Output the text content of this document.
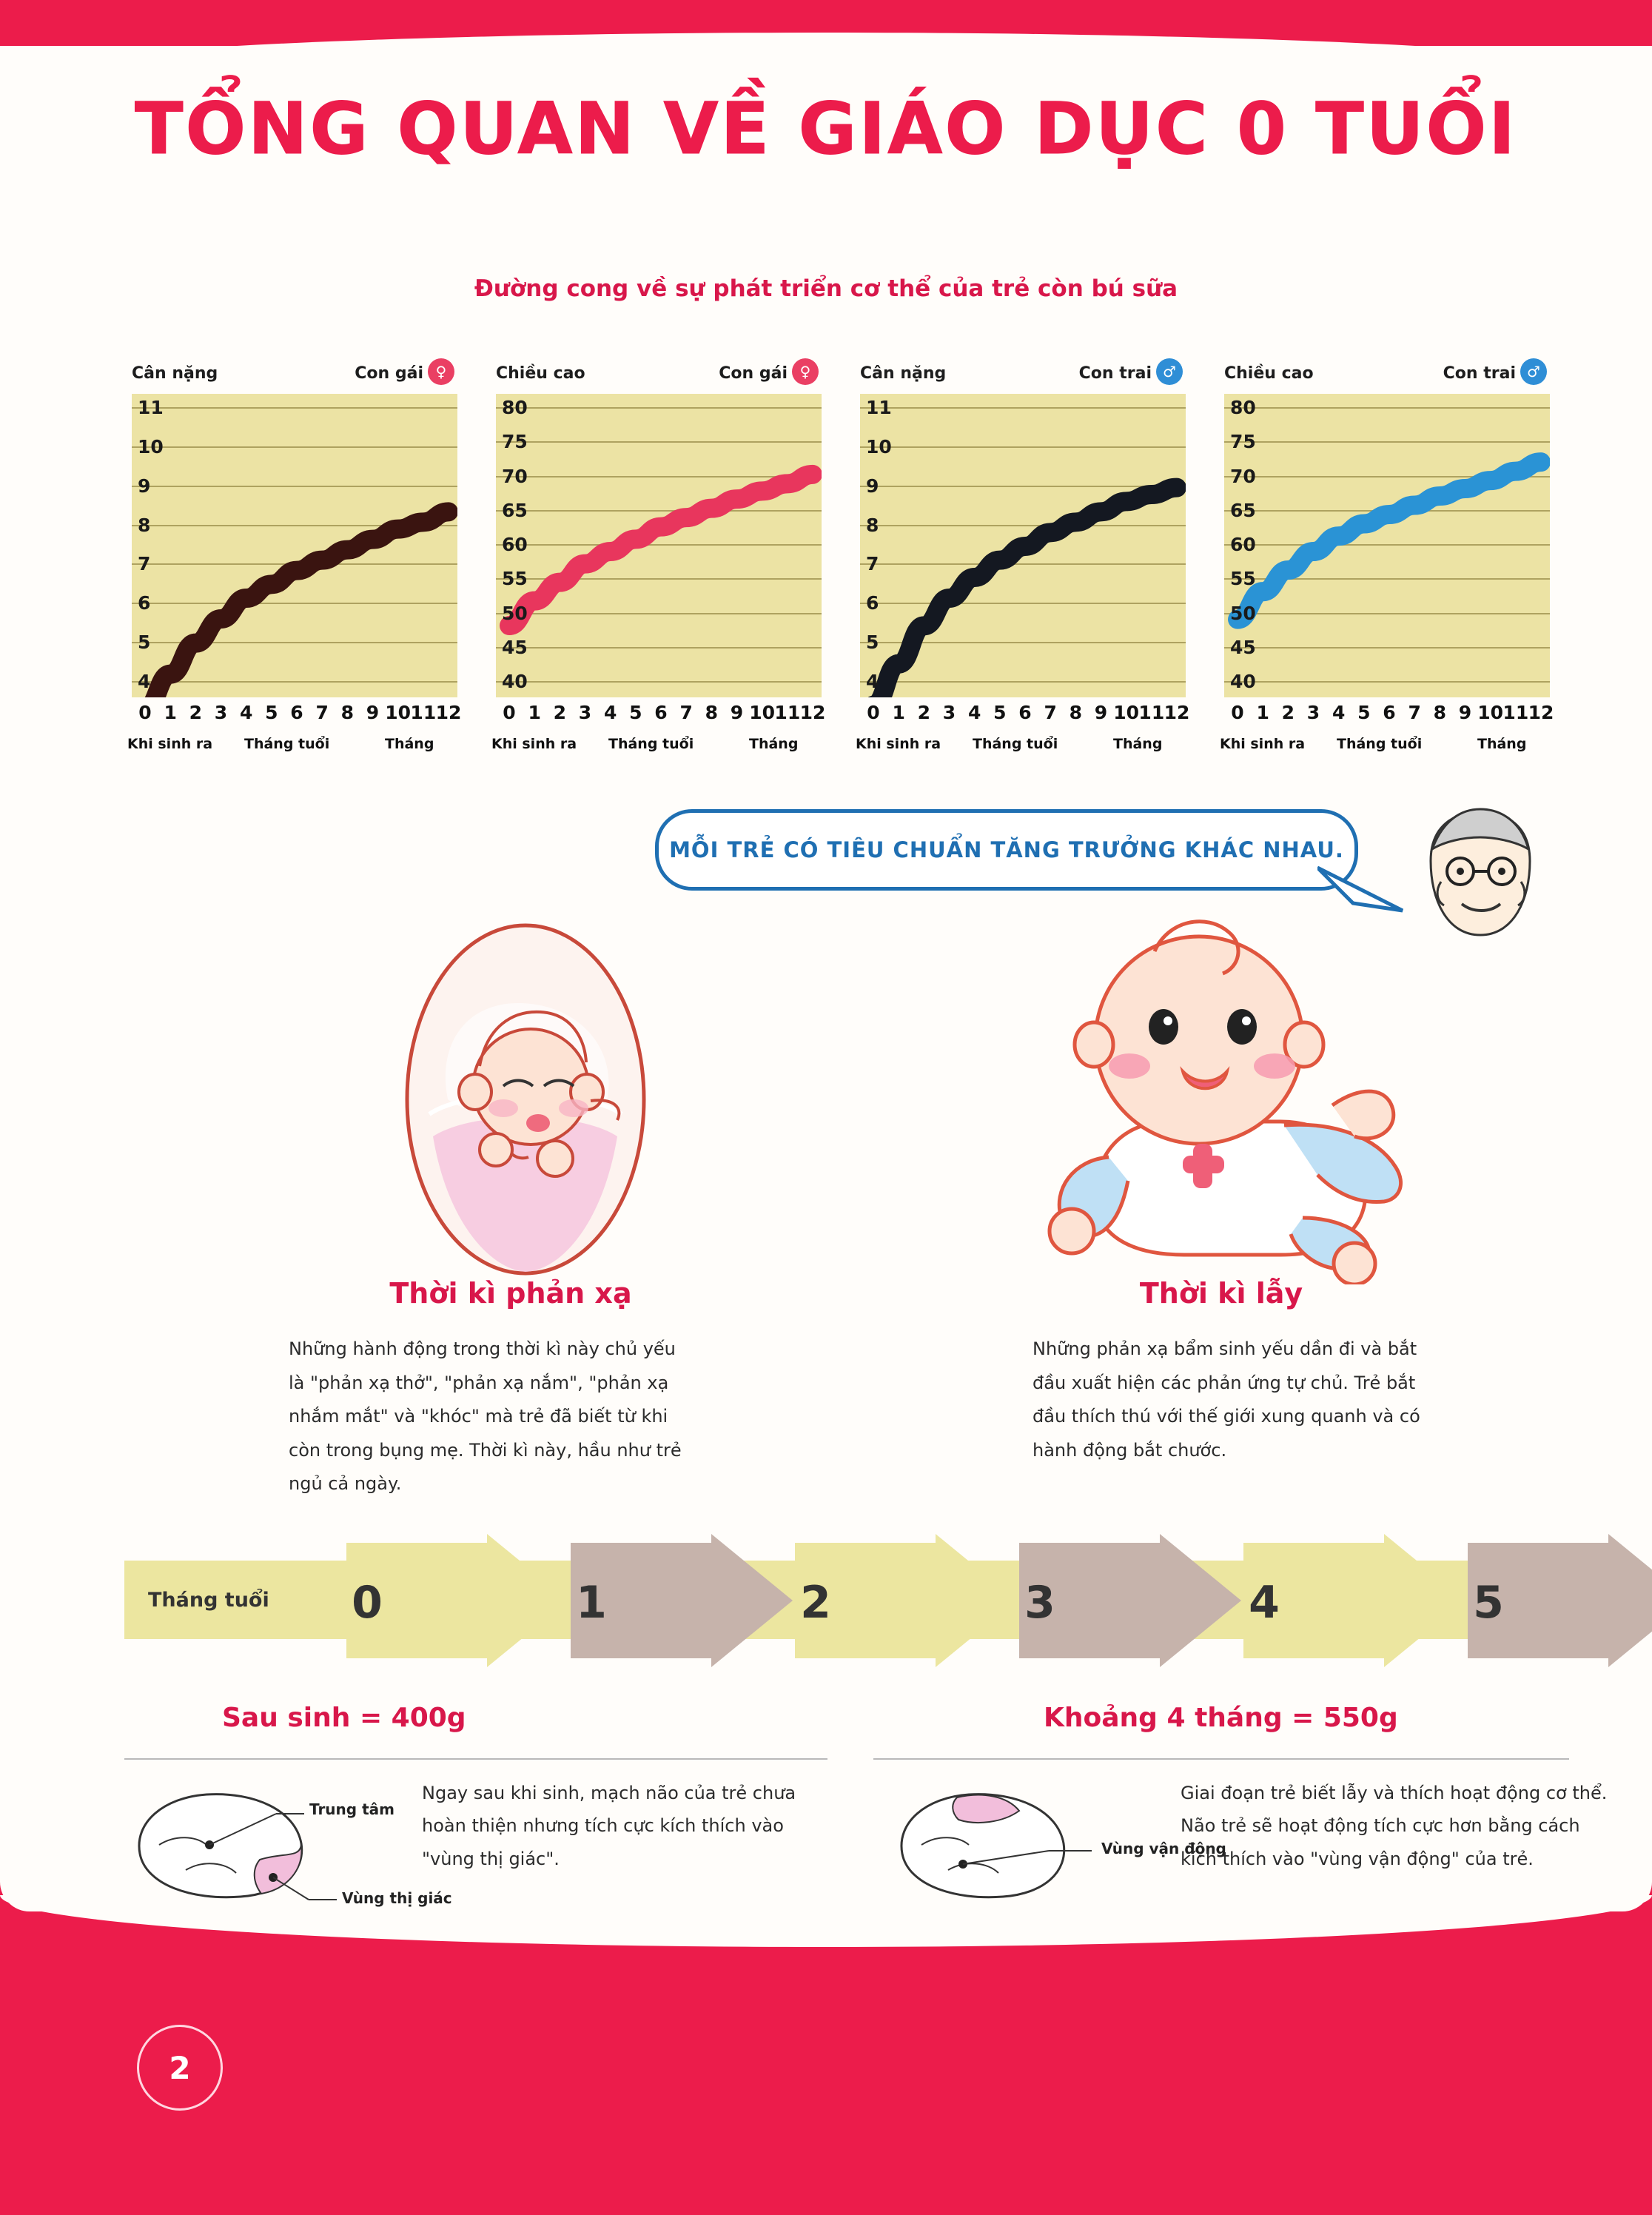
TỔNG QUAN VỀ GIÁO DỤC 0 TUỔI
Đường cong về sự phát triển cơ thể của trẻ còn bú sữa
Cân nặng	Con gái ♀
11
10
9
8
7
6
5
4
0 1 2 3 4 5 6 7 8 9 10 11 12
Khi sinh ra Tháng tuổi	Tháng
Chiều cao	Con gái ♀
80
75
70
65
60
55
50
45
40
0 1 2 3 4 5 6 7 8 9 10 11 12
Khi sinh ra Tháng tuổi	Tháng
Cân nặng	Con trai ♂
11
10
9
8
7
6
5
4
0 1 2 3 4 5 6 7 8 9 10 11 12
Khi sinh ra Tháng tuổi	Tháng
Chiều cao	Con trai ♂
80
75
70
65
60
55
50
45
40
0 1 2 3 4 5 6 7 8 9 10 11 12
Khi sinh ra Tháng tuổi	Tháng
MỖI TRẺ CÓ TIÊU CHUẨN TĂNG TRƯỞNG KHÁC NHAU.
Thời kì phản xạ
Những hành động trong thời kì này chủ yếu là "phản xạ thở", "phản xạ nắm", "phản xạ nhắm mắt" và "khóc" mà trẻ đã biết từ khi còn trong bụng mẹ. Thời kì này, hầu như trẻ ngủ cả ngày.
Thời kì lẫy
Những phản xạ bẩm sinh yếu dần đi và bắt đầu xuất hiện các phản ứng tự chủ. Trẻ bắt đầu thích thú với thế giới xung quanh và có hành động bắt chước.
Tháng tuổi	0	1	2	3	4	5
Sau sinh = 400g	Khoảng 4 tháng = 550g
Trung tâm
Vùng thị giác
Ngay sau khi sinh, mạch não của trẻ chưa hoàn thiện nhưng tích cực kích thích vào "vùng thị giác".	Vùng vận động
Giai đoạn trẻ biết lẫy và thích hoạt động cơ thể. Não trẻ sẽ hoạt động tích cực hơn bằng cách kích thích vào "vùng vận động" của trẻ.
2
